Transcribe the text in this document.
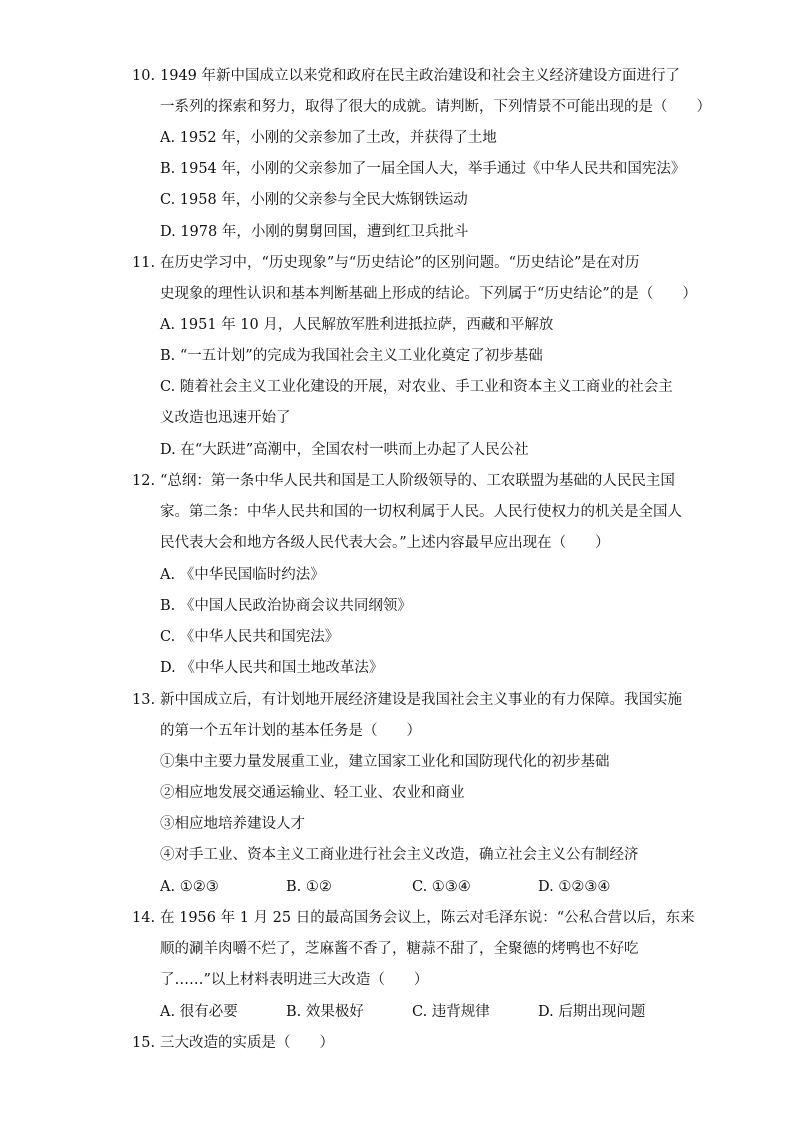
10. 1949 年新中国成立以来党和政府在民主政治建设和社会主义经济建设方面进行了
一系列的探索和努力，取得了很大的成就。请判断，下列情景不可能出现的是（　　）
A. 1952 年，小刚的父亲参加了土改，并获得了土地
B. 1954 年，小刚的父亲参加了一届全国人大，举手通过《中华人民共和国宪法》
C. 1958 年，小刚的父亲参与全民大炼钢铁运动
D. 1978 年，小刚的舅舅回国，遭到红卫兵批斗
11. 在历史学习中，“历史现象”与“历史结论”的区别问题。“历史结论”是在对历
史现象的理性认识和基本判断基础上形成的结论。下列属于“历史结论”的是（　　）
A. 1951 年 10 月，人民解放军胜利进抵拉萨，西藏和平解放
B. “一五计划”的完成为我国社会主义工业化奠定了初步基础
C. 随着社会主义工业化建设的开展，对农业、手工业和资本主义工商业的社会主
义改造也迅速开始了
D. 在“大跃进”高潮中，全国农村一哄而上办起了人民公社
12. “总纲：第一条中华人民共和国是工人阶级领导的、工农联盟为基础的人民民主国
家。第二条：中华人民共和国的一切权利属于人民。人民行使权力的机关是全国人
民代表大会和地方各级人民代表大会。”上述内容最早应出现在（　　）
A. 《中华民国临时约法》
B. 《中国人民政治协商会议共同纲领》
C. 《中华人民共和国宪法》
D. 《中华人民共和国土地改革法》
13. 新中国成立后，有计划地开展经济建设是我国社会主义事业的有力保障。我国实施
的第一个五年计划的基本任务是（　　）
①集中主要力量发展重工业，建立国家工业化和国防现代化的初步基础
②相应地发展交通运输业、轻工业、农业和商业
③相应地培养建设人才
④对手工业、资本主义工商业进行社会主义改造，确立社会主义公有制经济
A. ①②③	B. ①②	C. ①③④	D. ①②③④
14. 在 1956 年 1 月 25 日的最高国务会议上，陈云对毛泽东说：“公私合营以后，东来
顺的涮羊肉嚼不烂了，芝麻酱不香了，糖蒜不甜了，全聚德的烤鸭也不好吃
了……”以上材料表明进三大改造（　　）
A. 很有必要	B. 效果极好	C. 违背规律	D. 后期出现问题
15. 三大改造的实质是（　　）
